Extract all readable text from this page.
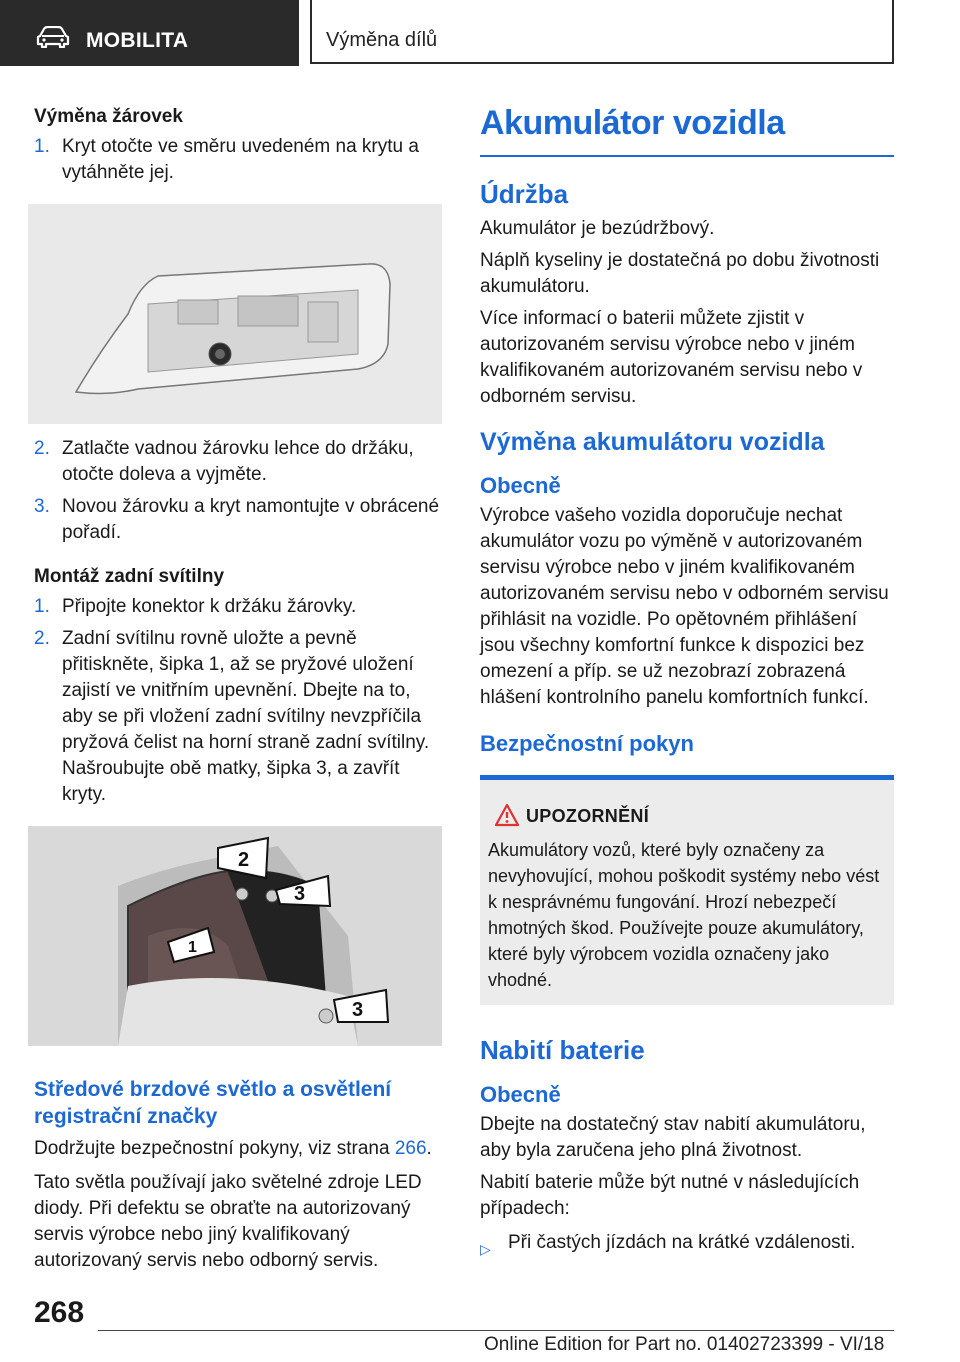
MOBILITA	Výměna dílů

Výměna žárovek

1. Kryt otočte ve směru uvedeném na krytu a vytáhněte jej.
2. Zatlačte vadnou žárovku lehce do držáku, otočte doleva a vyjměte.
3. Novou žárovku a kryt namontujte v obrácené pořadí.

Montáž zadní svítilny

1. Připojte konektor k držáku žárovky.
2. Zadní svítilnu rovně uložte a pevně přitiskněte, šipka 1, až se pryžové uložení zajistí ve vnitřním upevnění. Dbejte na to, aby se při vložení zadní svítilny nevzpříčila pryžová čelist na horní straně zadní svítilny. Našroubujte obě matky, šipka 3, a zavřít kryty.
2
3
1
3
Středové brzdové světlo a osvětlení registrační značky

Dodržujte bezpečnostní pokyny, viz strana 266.

Tato světla používají jako světelné zdroje LED diody. Při defektu se obraťte na autorizovaný servis výrobce nebo jiný kvalifikovaný autorizovaný servis nebo odborný servis.

Akumulátor vozidla
Údržba

Akumulátor je bezúdržbový.

Náplň kyseliny je dostatečná po dobu životnosti akumulátoru.

Více informací o baterii můžete zjistit v autorizovaném servisu výrobce nebo v jiném kvalifikovaném autorizovaném servisu nebo v odborném servisu.

Výměna akumulátoru vozidla
Obecně

Výrobce vašeho vozidla doporučuje nechat akumulátor vozu po výměně v autorizovaném servisu výrobce nebo v jiném kvalifikovaném autorizovaném servisu nebo v odborném servisu přihlásit na vozidle. Po opětovném přihlášení jsou všechny komfortní funkce k dispozici bez omezení a příp. se už nezobrazí zobrazená hlášení kontrolního panelu komfortních funkcí.

Bezpečnostní pokyn
UPOZORNĚNÍ

Akumulátory vozů, které byly označeny za nevyhovující, mohou poškodit systémy nebo vést k nesprávnému fungování. Hrozí nebezpečí hmotných škod. Používejte pouze akumulátory, které byly výrobcem vozidla označeny jako vhodné.

Nabití baterie
Obecně

Dbejte na dostatečný stav nabití akumulátoru, aby byla zaručena jeho plná životnost.

Nabití baterie může být nutné v následujících případech:

▷ Při častých jízdách na krátké vzdálenosti.
268
Online Edition for Part no. 01402723399 - VI/18
